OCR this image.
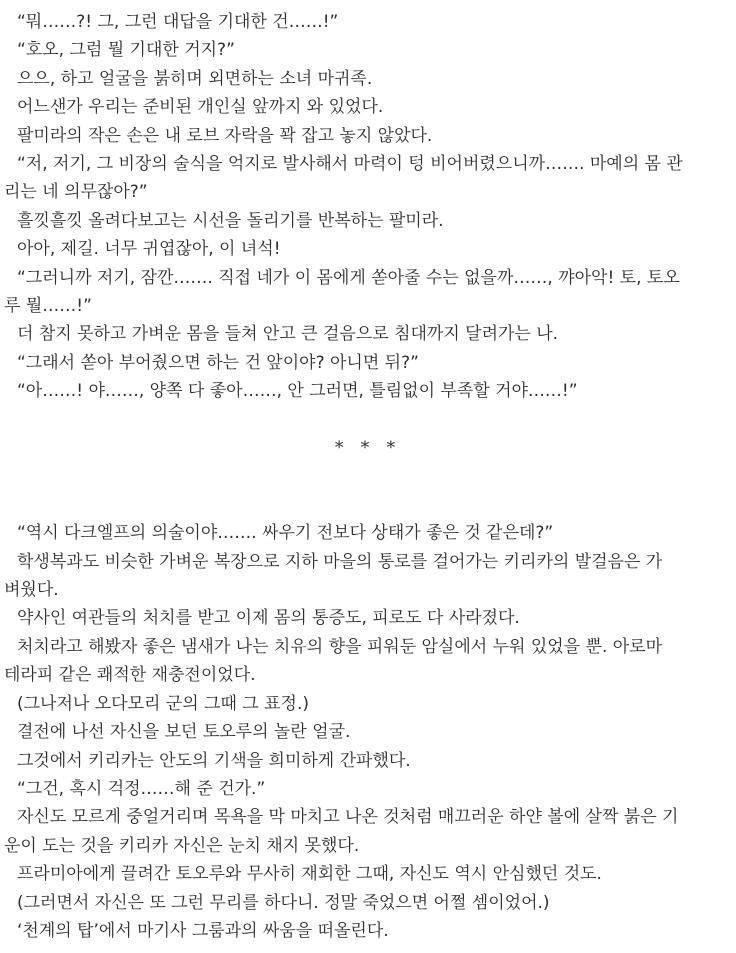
“뭐……?! 그, 그런 대답을 기대한 건……!”
“호오, 그럼 뭘 기대한 거지?”
으으, 하고 얼굴을 붉히며 외면하는 소녀 마귀족.
어느샌가 우리는 준비된 개인실 앞까지 와 있었다.
팔미라의 작은 손은 내 로브 자락을 꽉 잡고 놓지 않았다.
“저, 저기, 그 비장의 술식을 억지로 발사해서 마력이 텅 비어버렸으니까……. 마예의 몸 관
리는 네 의무잖아?”
흘낏흘낏 올려다보고는 시선을 돌리기를 반복하는 팔미라.
아아, 제길. 너무 귀엽잖아, 이 녀석!
“그러니까 저기, 잠깐……. 직접 네가 이 몸에게 쏟아줄 수는 없을까……, 꺄아악! 토, 토오
루 뭘……!”
더 참지 못하고 가벼운 몸을 들쳐 안고 큰 걸음으로 침대까지 달려가는 나.
“그래서 쏟아 부어줬으면 하는 건 앞이야? 아니면 뒤?”
“아……! 야……, 양쪽 다 좋아……, 안 그러면, 틀림없이 부족할 거야……!”
* * *
“역시 다크엘프의 의술이야……. 싸우기 전보다 상태가 좋은 것 같은데?”
학생복과도 비슷한 가벼운 복장으로 지하 마을의 통로를 걸어가는 키리카의 발걸음은 가
벼웠다.
약사인 여관들의 처치를 받고 이제 몸의 통증도, 피로도 다 사라졌다.
처치라고 해봤자 좋은 냄새가 나는 치유의 향을 피워둔 암실에서 누워 있었을 뿐. 아로마
테라피 같은 쾌적한 재충전이었다.
(그나저나 오다모리 군의 그때 그 표정.)
결전에 나선 자신을 보던 토오루의 놀란 얼굴.
그것에서 키리카는 안도의 기색을 희미하게 간파했다.
“그건, 혹시 걱정……해 준 건가.”
자신도 모르게 중얼거리며 목욕을 막 마치고 나온 것처럼 매끄러운 하얀 볼에 살짝 붉은 기
운이 도는 것을 키리카 자신은 눈치 채지 못했다.
프라미아에게 끌려간 토오루와 무사히 재회한 그때, 자신도 역시 안심했던 것도.
(그러면서 자신은 또 그런 무리를 하다니. 정말 죽었으면 어쩔 셈이었어.)
‘천계의 탑’에서 마기사 그룸과의 싸움을 떠올린다.
